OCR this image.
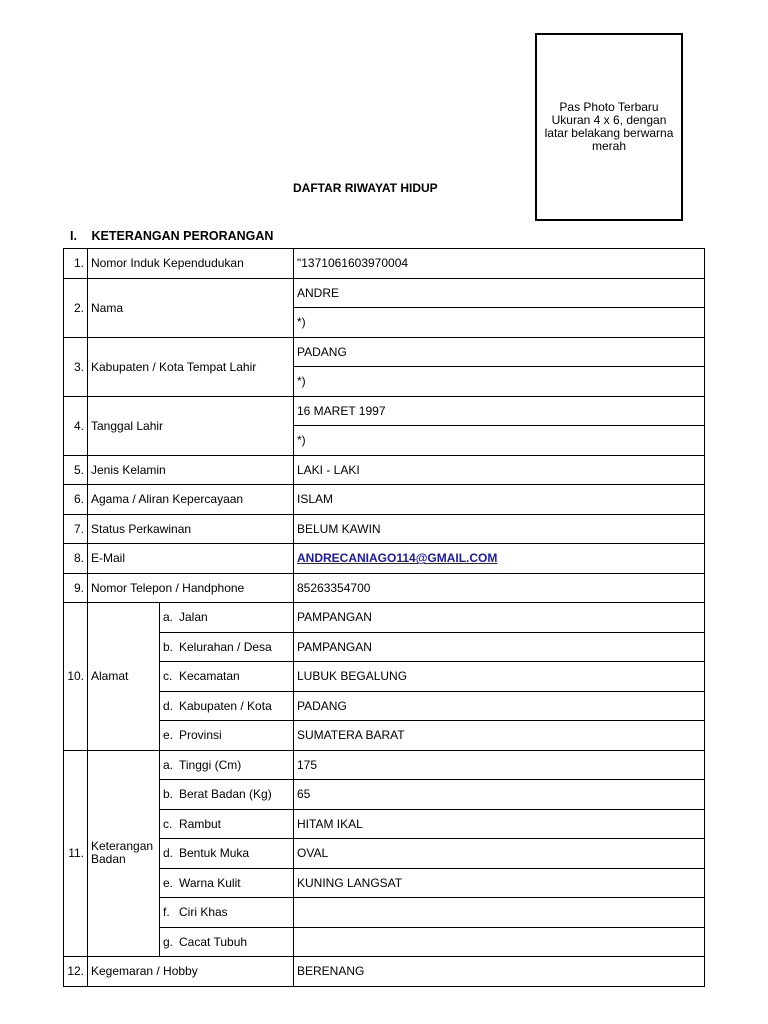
Pas Photo Terbaru Ukuran 4 x 6, dengan latar belakang berwarna merah
DAFTAR RIWAYAT HIDUP
I. KETERANGAN PERORANGAN
1.	Nomor Induk Kependudukan		"1371061603970004
2.	Nama		ANDRE
			*)
3.	Kabupaten / Kota Tempat Lahir		PADANG
			*)
4.	Tanggal Lahir		16 MARET 1997
			*)
5.	Jenis Kelamin		LAKI - LAKI
6.	Agama / Aliran Kepercayaan		ISLAM
7.	Status Perkawinan		BELUM KAWIN
8.	E-Mail		ANDRECANIAGO114@GMAIL.COM
9.	Nomor Telepon / Handphone		85263354700
10.	Alamat	a. Jalan	PAMPANGAN
		b. Kelurahan / Desa	PAMPANGAN
		c. Kecamatan	LUBUK BEGALUNG
		d. Kabupaten / Kota	PADANG
		e. Provinsi	SUMATERA BARAT
11.	Keterangan Badan	a. Tinggi (Cm)	175
		b. Berat Badan (Kg)	65
		c. Rambut	HITAM IKAL
		d. Bentuk Muka	OVAL
		e. Warna Kulit	KUNING LANGSAT
		f. Ciri Khas	
		g. Cacat Tubuh	
12.	Kegemaran / Hobby		BERENANG
